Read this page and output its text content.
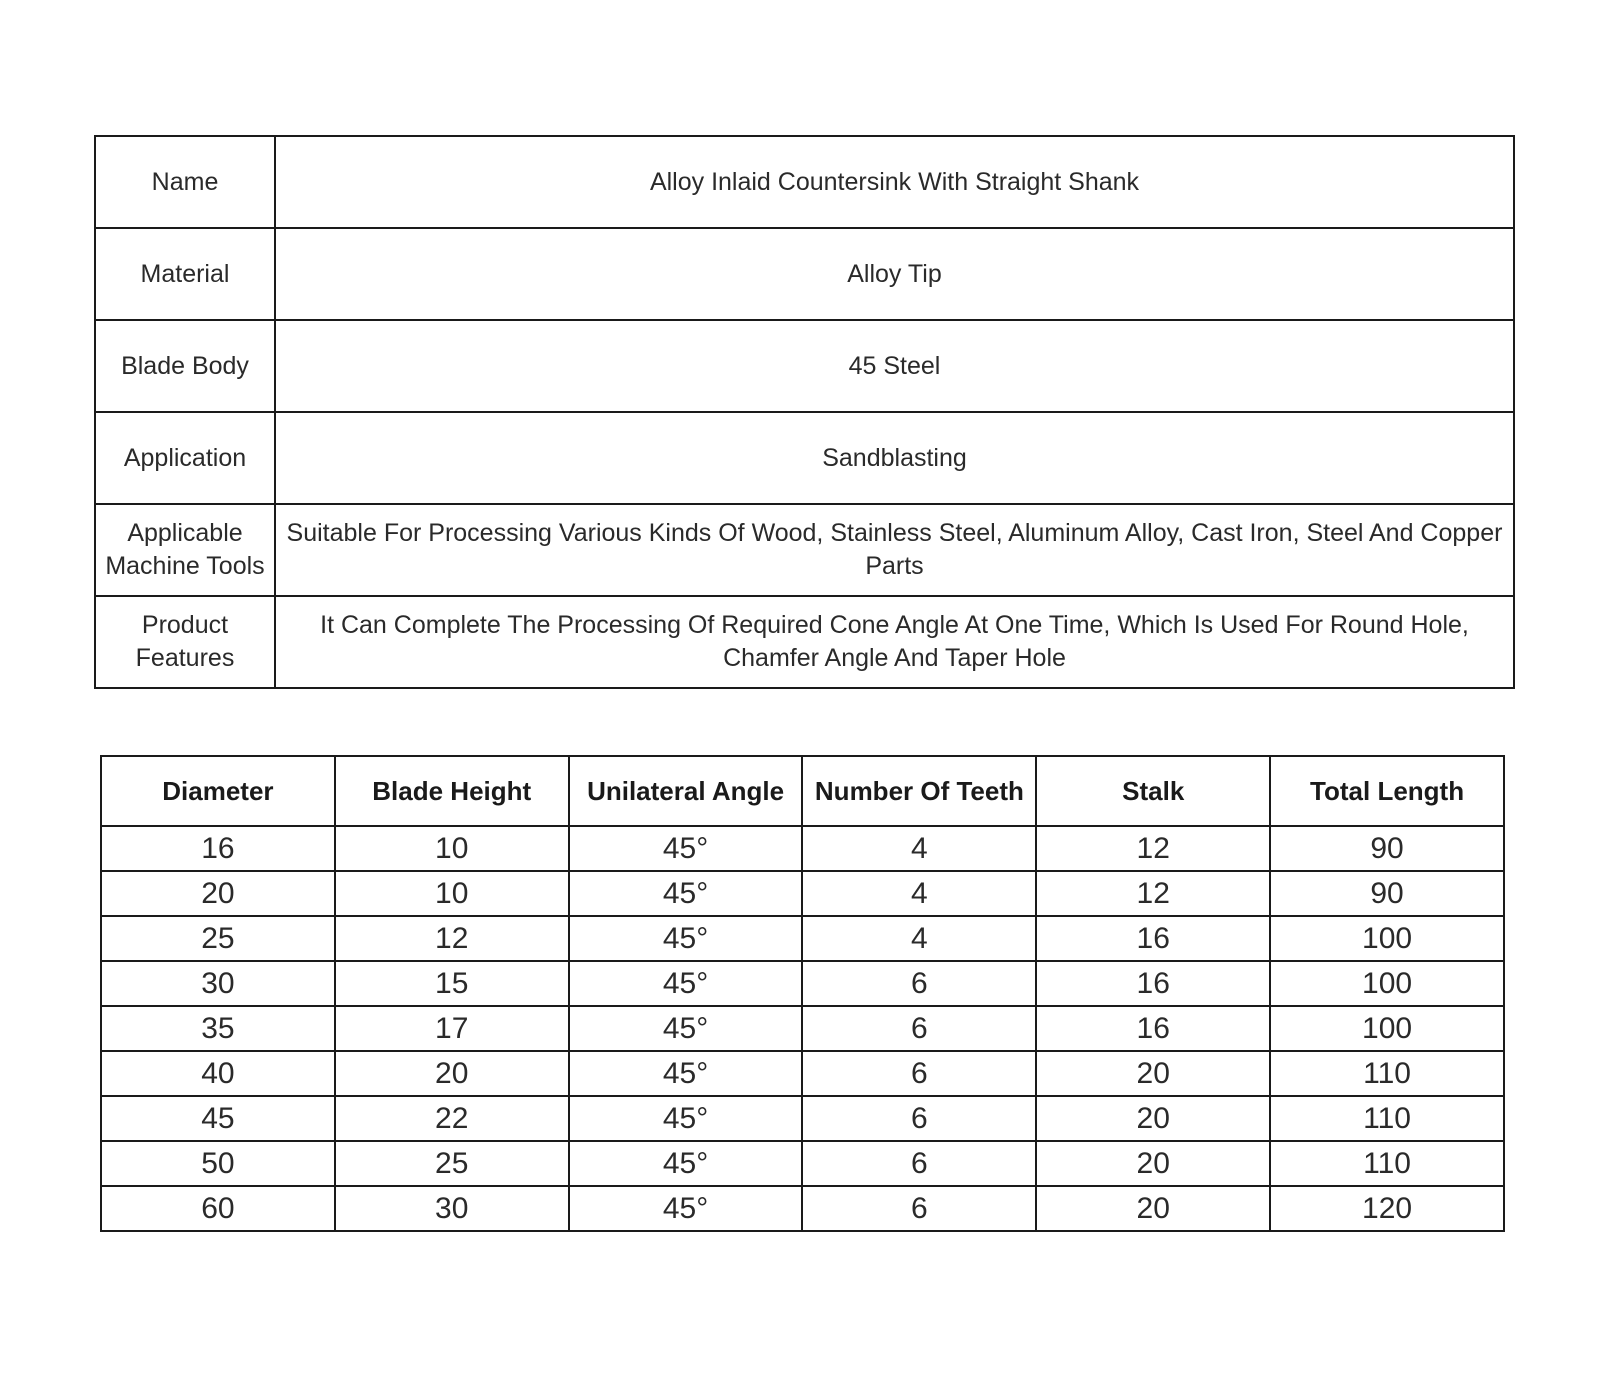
Name	Alloy Inlaid Countersink With Straight Shank
Material	Alloy Tip
Blade Body	45 Steel
Application	Sandblasting
Applicable Machine Tools	Suitable For Processing Various Kinds Of Wood, Stainless Steel, Aluminum Alloy, Cast Iron, Steel And Copper Parts
Product Features	It Can Complete The Processing Of Required Cone Angle At One Time, Which Is Used For Round Hole, Chamfer Angle And Taper Hole
Diameter	Blade Height	Unilateral Angle	Number Of Teeth	Stalk	Total Length
16	10	45°	4	12	90
20	10	45°	4	12	90
25	12	45°	4	16	100
30	15	45°	6	16	100
35	17	45°	6	16	100
40	20	45°	6	20	110
45	22	45°	6	20	110
50	25	45°	6	20	110
60	30	45°	6	20	120
